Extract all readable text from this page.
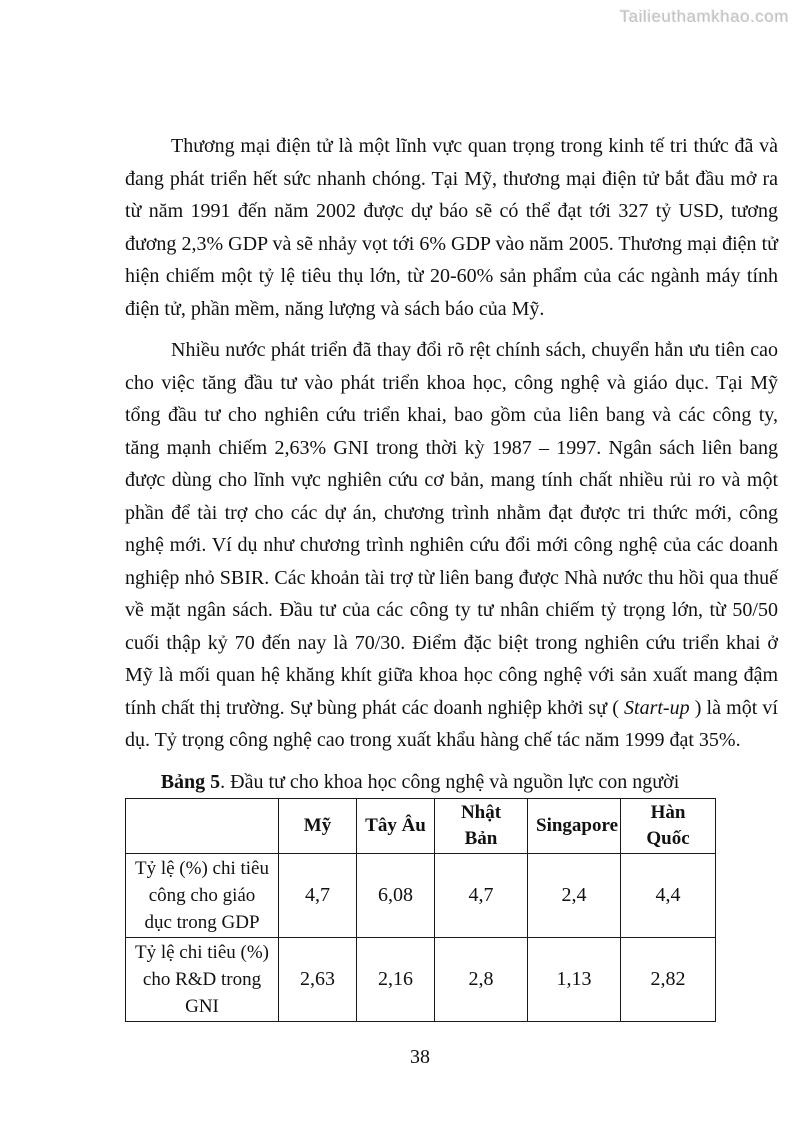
Tailieuthamkhao.com

Thương mại điện tử là một lĩnh vực quan trọng trong kinh tế tri thức đã và đang phát triển hết sức nhanh chóng. Tại Mỹ, thương mại điện tử bắt đầu mở ra từ năm 1991 đến năm 2002 được dự báo sẽ có thể đạt tới 327 tỷ USD, tương đương 2,3% GDP và sẽ nhảy vọt tới 6% GDP vào năm 2005. Thương mại điện tử hiện chiếm một tỷ lệ tiêu thụ lớn, từ 20-60% sản phẩm của các ngành máy tính điện tử, phần mềm, năng lượng và sách báo của Mỹ.

Nhiều nước phát triển đã thay đổi rõ rệt chính sách, chuyển hẳn ưu tiên cao cho việc tăng đầu tư vào phát triển khoa học, công nghệ và giáo dục. Tại Mỹ tổng đầu tư cho nghiên cứu triển khai, bao gồm của liên bang và các công ty, tăng mạnh chiếm 2,63% GNI trong thời kỳ 1987 – 1997. Ngân sách liên bang được dùng cho lĩnh vực nghiên cứu cơ bản, mang tính chất nhiều rủi ro và một phần để tài trợ cho các dự án, chương trình nhằm đạt được tri thức mới, công nghệ mới. Ví dụ như chương trình nghiên cứu đổi mới công nghệ của các doanh nghiệp nhỏ SBIR. Các khoản tài trợ từ liên bang được Nhà nước thu hồi qua thuế về mặt ngân sách. Đầu tư của các công ty tư nhân chiếm tỷ trọng lớn, từ 50/50 cuối thập kỷ 70 đến nay là 70/30. Điểm đặc biệt trong nghiên cứu triển khai ở Mỹ là mối quan hệ khăng khít giữa khoa học công nghệ với sản xuất mang đậm tính chất thị trường. Sự bùng phát các doanh nghiệp khởi sự ( Start-up ) là một ví dụ. Tỷ trọng công nghệ cao trong xuất khẩu hàng chế tác năm 1999 đạt 35%.

Bảng 5. Đầu tư cho khoa học công nghệ và nguồn lực con người
	Mỹ	Tây Âu	Nhật Bản	Singapore	Hàn Quốc
Tỷ lệ (%) chi tiêu công cho giáo dục trong GDP	4,7	6,08	4,7	2,4	4,4
Tỷ lệ chi tiêu (%) cho R&D trong GNI	2,63	2,16	2,8	1,13	2,82
38
